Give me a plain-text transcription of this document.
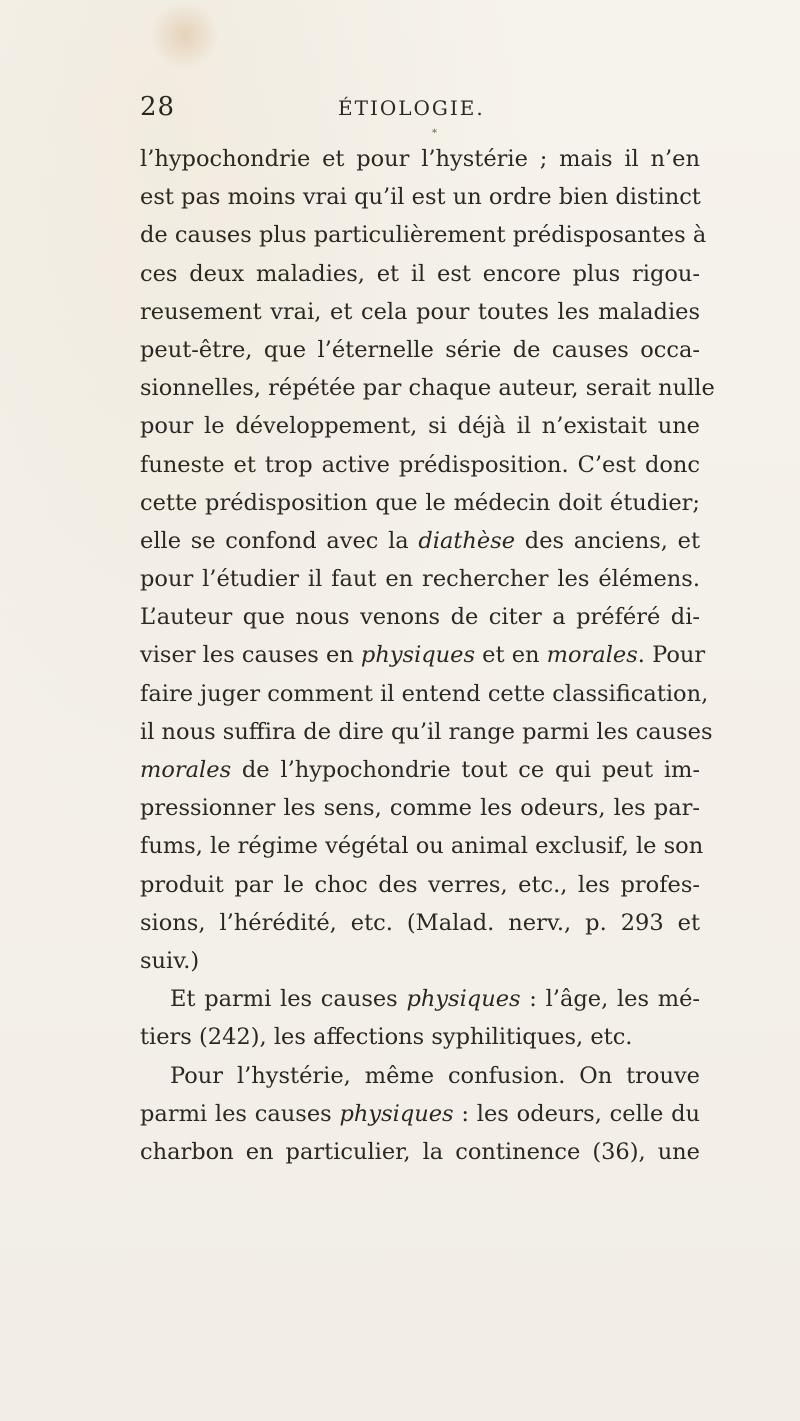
28	ÉTIOLOGIE.
*
l’hypochondrie et pour l’hystérie ; mais il n’en
est pas moins vrai qu’il est un ordre bien distinct
de causes plus particulièrement prédisposantes à
ces deux maladies, et il est encore plus rigou-
reusement vrai, et cela pour toutes les maladies
peut-être, que l’éternelle série de causes occa-
sionnelles, répétée par chaque auteur, serait nulle
pour le développement, si déjà il n’existait une
funeste et trop active prédisposition. C’est donc
cette prédisposition que le médecin doit étudier;
elle se confond avec la diathèse des anciens, et
pour l’étudier il faut en rechercher les élémens.
L’auteur que nous venons de citer a préféré di-
viser les causes en physiques et en morales. Pour
faire juger comment il entend cette classification,
il nous suffira de dire qu’il range parmi les causes
morales de l’hypochondrie tout ce qui peut im-
pressionner les sens, comme les odeurs, les par-
fums, le régime végétal ou animal exclusif, le son
produit par le choc des verres, etc., les profes-
sions, l’hérédité, etc. (Malad. nerv., p. 293 et
suiv.)
Et parmi les causes physiques : l’âge, les mé-
tiers (242), les affections syphilitiques, etc.
Pour l’hystérie, même confusion. On trouve
parmi les causes physiques : les odeurs, celle du
charbon en particulier, la continence (36), une
